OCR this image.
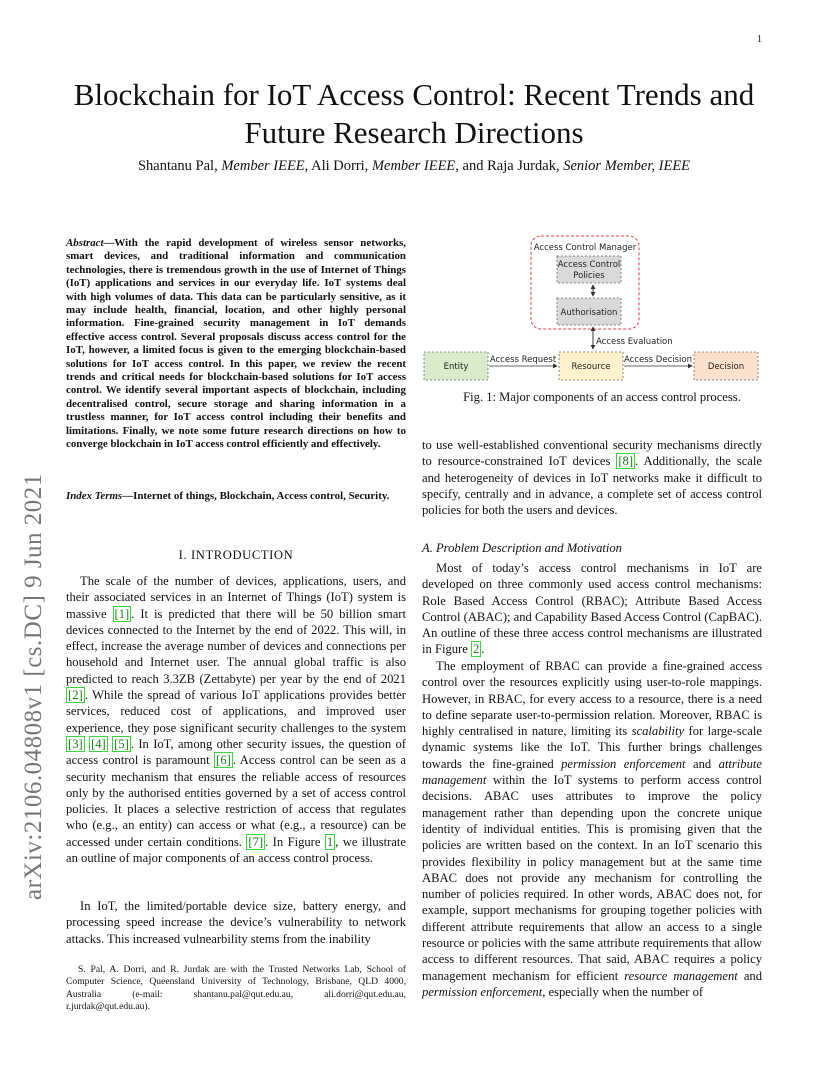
1
Blockchain for IoT Access Control: Recent Trends and Future Research Directions
Shantanu Pal, Member IEEE, Ali Dorri, Member IEEE, and Raja Jurdak, Senior Member, IEEE
arXiv:2106.04808v1 [cs.DC] 9 Jun 2021
Abstract—With the rapid development of wireless sensor networks, smart devices, and traditional information and communication technologies, there is tremendous growth in the use of Internet of Things (IoT) applications and services in our everyday life. IoT systems deal with high volumes of data. This data can be particularly sensitive, as it may include health, financial, location, and other highly personal information. Fine-grained security management in IoT demands effective access control. Several proposals discuss access control for the IoT, however, a limited focus is given to the emerging blockchain-based solutions for IoT access control. In this paper, we review the recent trends and critical needs for blockchain-based solutions for IoT access control. We identify several important aspects of blockchain, including decentralised control, secure storage and sharing information in a trustless manner, for IoT access control including their benefits and limitations. Finally, we note some future research directions on how to converge blockchain in IoT access control efficiently and effectively.
Index Terms—Internet of things, Blockchain, Access control, Security.
I. INTRODUCTION
The scale of the number of devices, applications, users, and their associated services in an Internet of Things (IoT) system is massive [1] . It is predicted that there will be 50 billion smart devices connected to the Internet by the end of 2022. This will, in effect, increase the average number of devices and connections per household and Internet user. The annual global traffic is also predicted to reach 3.3ZB (Zettabyte) per year by the end of 2021 [2] . While the spread of various IoT applications provides better services, reduced cost of applications, and improved user experience, they pose significant security challenges to the system [3] [4] [5] . In IoT, among other security issues, the question of access control is paramount [6] . Access control can be seen as a security mechanism that ensures the reliable access of resources only by the authorised entities governed by a set of access control policies. It places a selective restriction of access that regulates who (e.g., an entity) can access or what (e.g., a resource) can be accessed under certain conditions. [7] . In Figure 1 , we illustrate an outline of major components of an access control process.
In IoT, the limited/portable device size, battery energy, and processing speed increase the device’s vulnerability to network attacks. This increased vulnearbility stems from the inability
S. Pal, A. Dorri, and R. Jurdak are with the Trusted Networks Lab, School of Computer Science, Queensland University of Technology, Brisbane, QLD 4000, Australia (e-mail: shantanu.pal@qut.edu.au, ali.dorri@qut.edu.au, r.jurdak@qut.edu.au).
Access Control Manager
Access Control
Policies
Authorisation
Access Evaluation
Entity
Access Request
Resource
Access Decision
Decision
Fig. 1: Major components of an access control process.
to use well-established conventional security mechanisms directly to resource-constrained IoT devices [8] . Additionally, the scale and heterogeneity of devices in IoT networks make it difficult to specify, centrally and in advance, a complete set of access control policies for both the users and devices.
A. Problem Description and Motivation
Most of today’s access control mechanisms in IoT are developed on three commonly used access control mechanisms: Role Based Access Control (RBAC); Attribute Based Access Control (ABAC); and Capability Based Access Control (CapBAC). An outline of these three access control mechanisms are illustrated in Figure 2 .
The employment of RBAC can provide a fine-grained access control over the resources explicitly using user-to-role mappings. However, in RBAC, for every access to a resource, there is a need to define separate user-to-permission relation. Moreover, RBAC is highly centralised in nature, limiting its scalability for large-scale dynamic systems like the IoT. This further brings challenges towards the fine-grained permission enforcement and attribute management within the IoT systems to perform access control decisions. ABAC uses attributes to improve the policy management rather than depending upon the concrete unique identity of individual entities. This is promising given that the policies are written based on the context. In an IoT scenario this provides flexibility in policy management but at the same time ABAC does not provide any mechanism for controlling the number of policies required. In other words, ABAC does not, for example, support mechanisms for grouping together policies with different attribute requirements that allow an access to a single resource or policies with the same attribute requirements that allow access to different resources. That said, ABAC requires a policy management mechanism for efficient resource management and permission enforcement, especially when the number of
